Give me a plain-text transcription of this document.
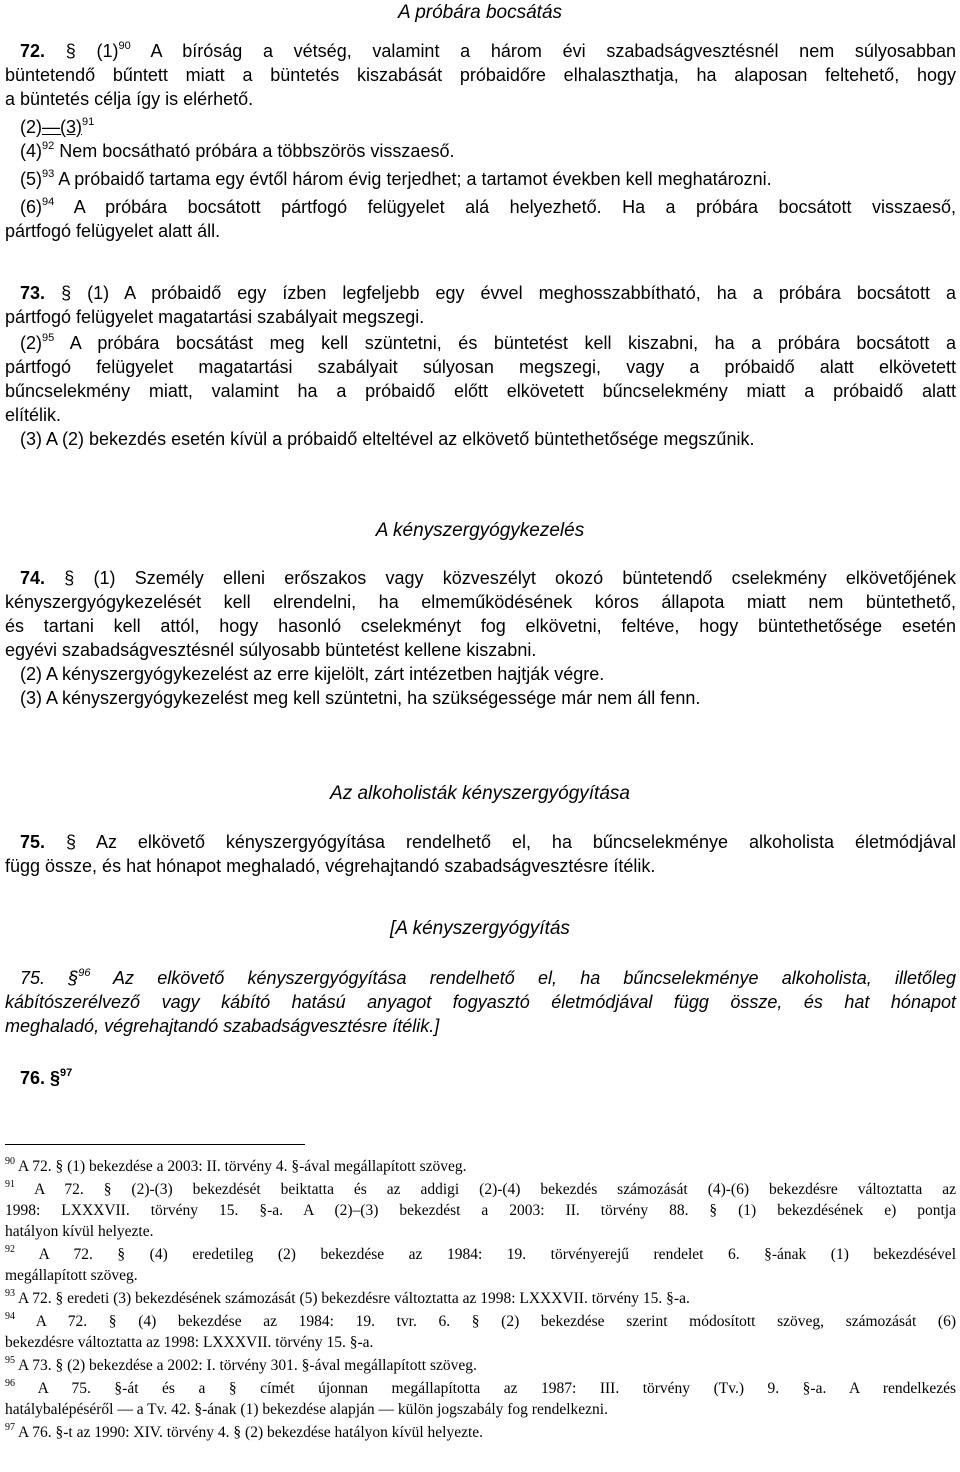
A próbára bocsátás
72. § $(1)^{90}$ A bíróság a vétség, valamint a három évi szabadságvesztésnél nem súlyosabban
büntetendő bűntett miatt a büntetés kiszabását próbaidőre elhalaszthatja, ha alaposan feltehető, hogy
a büntetés célja így is elérhető.
$(2)—(3)^{91}$
$(4)^{92}$ Nem bocsátható próbára a többszörös visszaeső.
$(5)^{93}$ A próbaidő tartama egy évtől három évig terjedhet; a tartamot években kell meghatározni.
$(6)^{94}$ A próbára bocsátott pártfogó felügyelet alá helyezhető. Ha a próbára bocsátott visszaeső,
pártfogó felügyelet alatt áll.
73. § (1) A próbaidő egy ízben legfeljebb egy évvel meghosszabbítható, ha a próbára bocsátott a
pártfogó felügyelet magatartási szabályait megszegi.
$(2)^{95}$ A próbára bocsátást meg kell szüntetni, és büntetést kell kiszabni, ha a próbára bocsátott a
pártfogó felügyelet magatartási szabályait súlyosan megszegi, vagy a próbaidő alatt elkövetett
bűncselekmény miatt, valamint ha a próbaidő előtt elkövetett bűncselekmény miatt a próbaidő alatt
elítélik.
(3) A (2) bekezdés esetén kívül a próbaidő elteltével az elkövető büntethetősége megszűnik.
A kényszergyógykezelés
74. § (1) Személy elleni erőszakos vagy közveszélyt okozó büntetendő cselekmény elkövetőjének
kényszergyógykezelését kell elrendelni, ha elmeműködésének kóros állapota miatt nem büntethető,
és tartani kell attól, hogy hasonló cselekményt fog elkövetni, feltéve, hogy büntethetősége esetén
egyévi szabadságvesztésnél súlyosabb büntetést kellene kiszabni.
(2) A kényszergyógykezelést az erre kijelölt, zárt intézetben hajtják végre.
(3) A kényszergyógykezelést meg kell szüntetni, ha szükségessége már nem áll fenn.
Az alkoholisták kényszergyógyítása
75. § Az elkövető kényszergyógyítása rendelhető el, ha bűncselekménye alkoholista életmódjával
függ össze, és hat hónapot meghaladó, végrehajtandó szabadságvesztésre ítélik.
[A kényszergyógyítás
75. §$^{96}$ Az elkövető kényszergyógyítása rendelhető el, ha bűncselekménye alkoholista, illetőleg
kábítószerélvező vagy kábító hatású anyagot fogyasztó életmódjával függ össze, és hat hónapot
meghaladó, végrehajtandó szabadságvesztésre ítélik.]
76. §$^{97}$
$^{90}$ A 72. § (1) bekezdése a 2003: II. törvény 4. §-ával megállapított szöveg.
$^{91}$ A 72. § (2)-(3) bekezdését beiktatta és az addigi (2)-(4) bekezdés számozását (4)-(6) bekezdésre változtatta az
1998: LXXXVII. törvény 15. §-a. A (2)–(3) bekezdést a 2003: II. törvény 88. § (1) bekezdésének e) pontja
hatályon kívül helyezte.
$^{92}$ A 72. § (4) eredetileg (2) bekezdése az 1984: 19. törvényerejű rendelet 6. §-ának (1) bekezdésével
megállapított szöveg.
$^{93}$ A 72. § eredeti (3) bekezdésének számozását (5) bekezdésre változtatta az 1998: LXXXVII. törvény 15. §-a.
$^{94}$ A 72. § (4) bekezdése az 1984: 19. tvr. 6. § (2) bekezdése szerint módosított szöveg, számozását (6)
bekezdésre változtatta az 1998: LXXXVII. törvény 15. §-a.
$^{95}$ A 73. § (2) bekezdése a 2002: I. törvény 301. §-ával megállapított szöveg.
$^{96}$ A 75. §-át és a § címét újonnan megállapította az 1987: III. törvény (Tv.) 9. §-a. A rendelkezés
hatálybalépéséről — a Tv. 42. §-ának (1) bekezdése alapján — külön jogszabály fog rendelkezni.
$^{97}$ A 76. §-t az 1990: XIV. törvény 4. § (2) bekezdése hatályon kívül helyezte.
